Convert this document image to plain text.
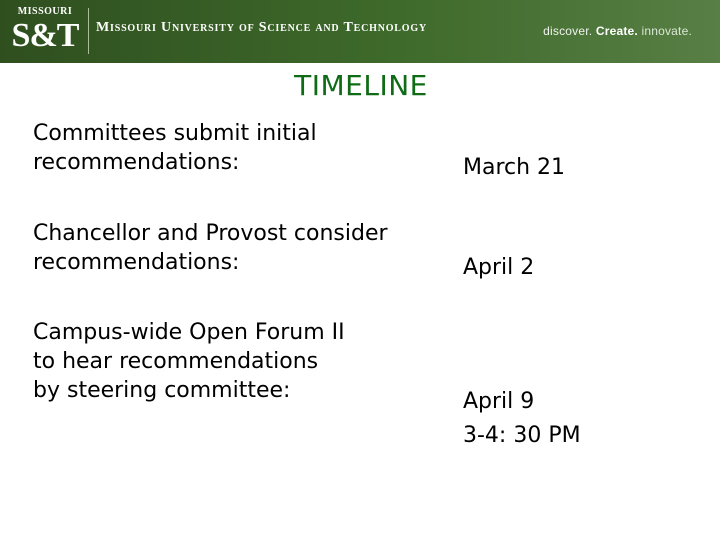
MISSOURI
S&T Missouri University of Science and Technology	discover. Create. innovate.
TIMELINE
Committees submit initial
recommendations:	March 21
Chancellor and Provost consider
recommendations:	April 2
Campus-wide Open Forum II
to hear recommendations
by steering committee:	April 9
3-4: 30 PM
